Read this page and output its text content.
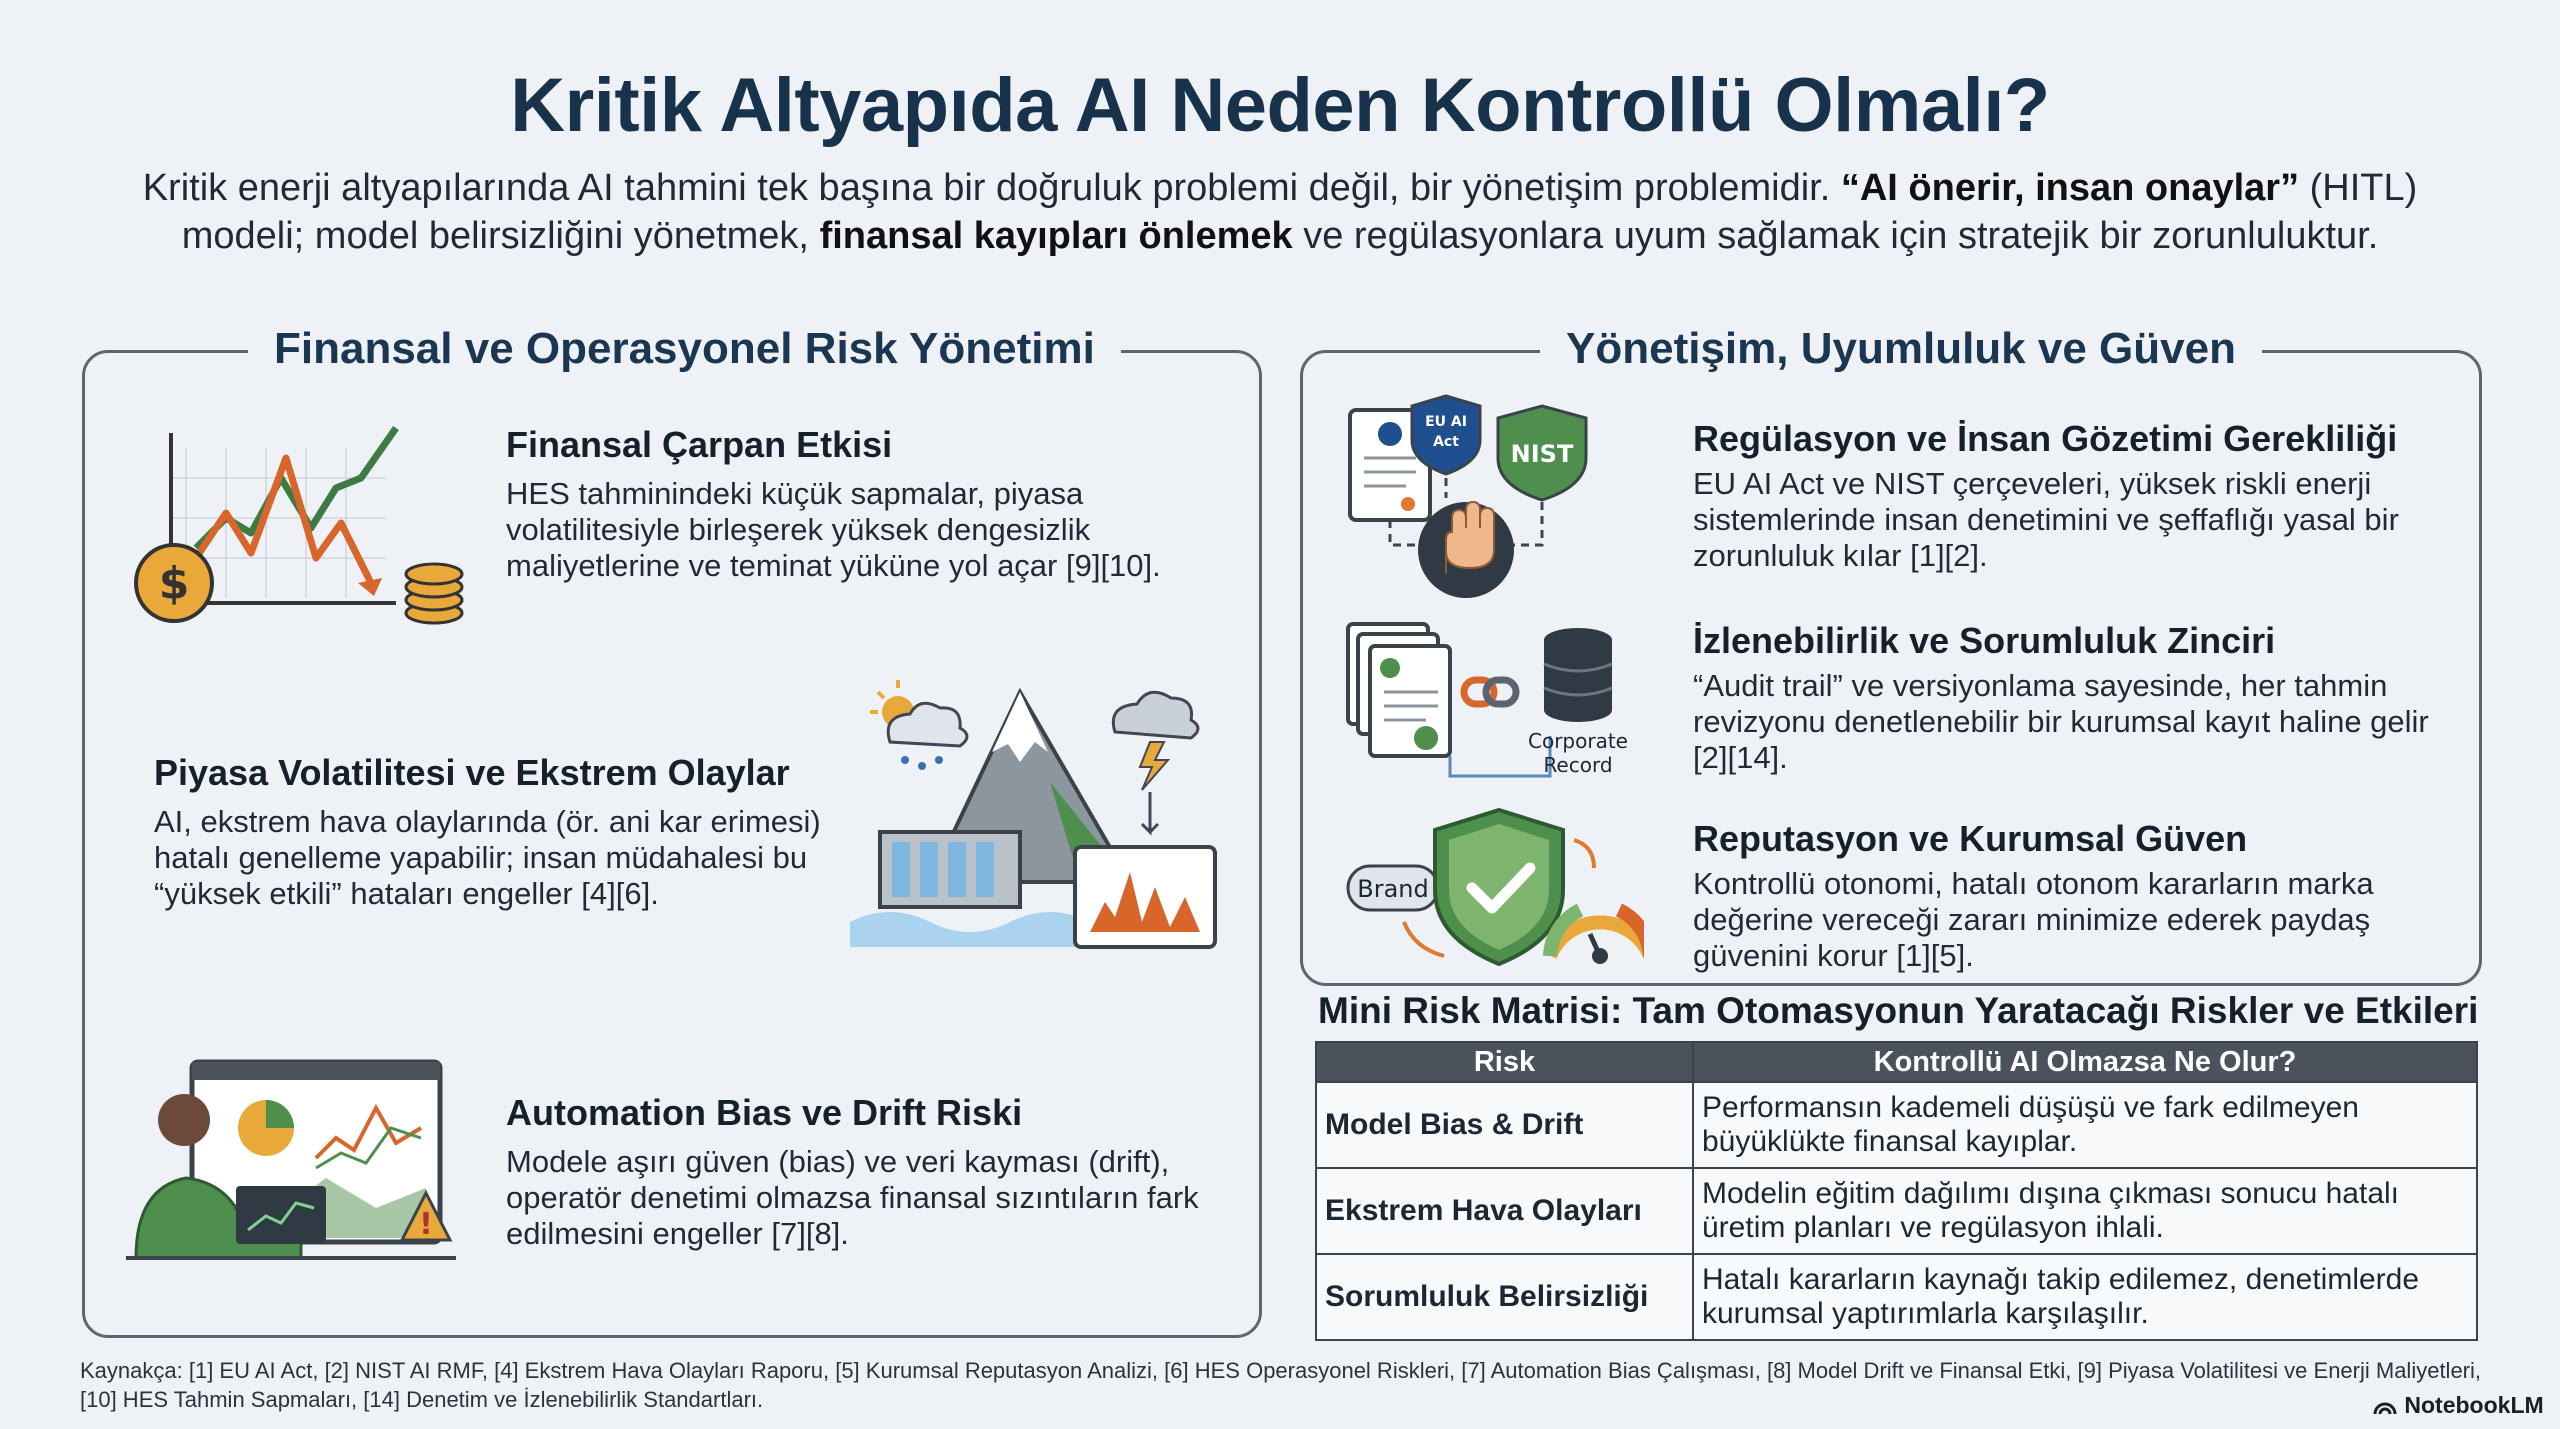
Kritik Altyapıda AI Neden Kontrollü Olmalı?
Kritik enerji altyapılarında AI tahmini tek başına bir doğruluk problemi değil, bir yönetişim problemidir. “AI önerir, insan onaylar” (HITL) modeli; model belirsizliğini yönetmek, finansal kayıpları önlemek ve regülasyonlara uyum sağlamak için stratejik bir zorunluluktur.
Finansal ve Operasyonel Risk Yönetimi
$
Finansal Çarpan Etkisi
HES tahminindeki küçük sapmalar, piyasa volatilitesiyle birleşerek yüksek dengesizlik maliyetlerine ve teminat yüküne yol açar [9][10].
Piyasa Volatilitesi ve Ekstrem Olaylar
AI, ekstrem hava olaylarında (ör. ani kar erimesi) hatalı genelleme yapabilir; insan müdahalesi bu “yüksek etkili” hataları engeller [4][6].
!
Automation Bias ve Drift Riski
Modele aşırı güven (bias) ve veri kayması (drift), operatör denetimi olmazsa finansal sızıntıların fark edilmesini engeller [7][8].
Yönetişim, Uyumluluk ve Güven
EU AI
Act NIST	Regülasyon ve İnsan Gözetimi Gerekliliği
EU AI Act ve NIST çerçeveleri, yüksek riskli enerji sistemlerinde insan denetimini ve şeffaflığı yasal bir zorunluluk kılar [1][2].
Corporate
Record
İzlenebilirlik ve Sorumluluk Zinciri
“Audit trail” ve versiyonlama sayesinde, her tahmin revizyonu denetlenebilir bir kurumsal kayıt haline gelir [2][14].
Brand
Reputasyon ve Kurumsal Güven
Kontrollü otonomi, hatalı otonom kararların marka değerine vereceği zararı minimize ederek paydaş güvenini korur [1][5].
Mini Risk Matrisi: Tam Otomasyonun Yaratacağı Riskler ve Etkileri
Risk	Kontrollü AI Olmazsa Ne Olur?
Model Bias & Drift	Performansın kademeli düşüşü ve fark edilmeyen büyüklükte finansal kayıplar.
Ekstrem Hava Olayları	Modelin eğitim dağılımı dışına çıkması sonucu hatalı üretim planları ve regülasyon ihlali.
Sorumluluk Belirsizliği	Hatalı kararların kaynağı takip edilemez, denetimlerde kurumsal yaptırımlarla karşılaşılır.
Kaynakça: [1] EU AI Act, [2] NIST AI RMF, [4] Ekstrem Hava Olayları Raporu, [5] Kurumsal Reputasyon Analizi, [6] HES Operasyonel Riskleri, [7] Automation Bias Çalışması, [8] Model Drift ve Finansal Etki, [9] Piyasa Volatilitesi ve Enerji Maliyetleri, [10] HES Tahmin Sapmaları, [14] Denetim ve İzlenebilirlik Standartları.	NotebookLM
